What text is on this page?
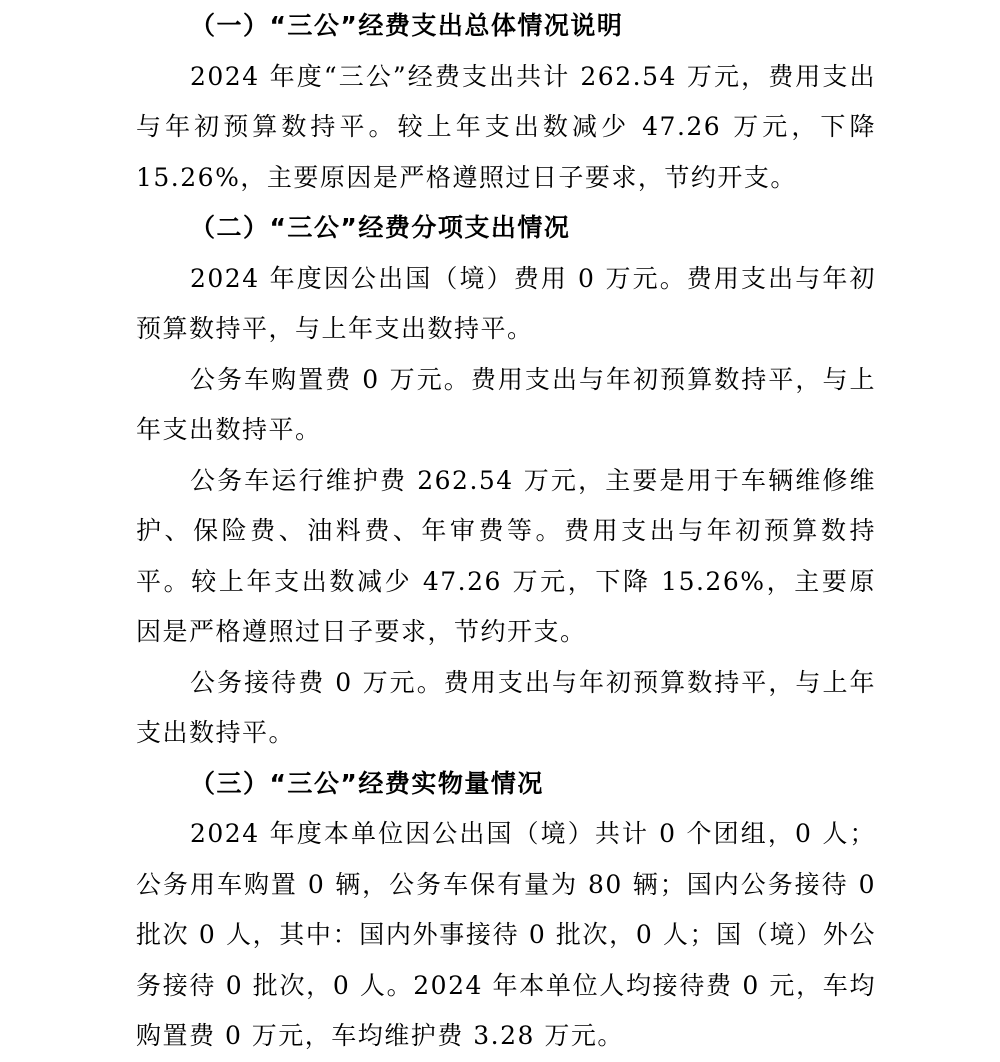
（一）“三公”经费支出总体情况说明

2024 年度“三公”经费支出共计 262.54 万元，费用支出与年初预算数持平。较上年支出数减少 47.26 万元，下降 15.26%，主要原因是严格遵照过日子要求，节约开支。

（二）“三公”经费分项支出情况

2024 年度因公出国（境）费用 0 万元。费用支出与年初预算数持平，与上年支出数持平。

公务车购置费 0 万元。费用支出与年初预算数持平，与上年支出数持平。

公务车运行维护费 262.54 万元，主要是用于车辆维修维护、保险费、油料费、年审费等。费用支出与年初预算数持平。较上年支出数减少 47.26 万元，下降 15.26%，主要原因是严格遵照过日子要求，节约开支。

公务接待费 0 万元。费用支出与年初预算数持平，与上年支出数持平。

（三）“三公”经费实物量情况

2024 年度本单位因公出国（境）共计 0 个团组，0 人；公务用车购置 0 辆，公务车保有量为 80 辆；国内公务接待 0 批次 0 人，其中：国内外事接待 0 批次，0 人；国（境）外公务接待 0 批次，0 人。2024 年本单位人均接待费 0 元，车均购置费 0 万元，车均维护费 3.28 万元。
